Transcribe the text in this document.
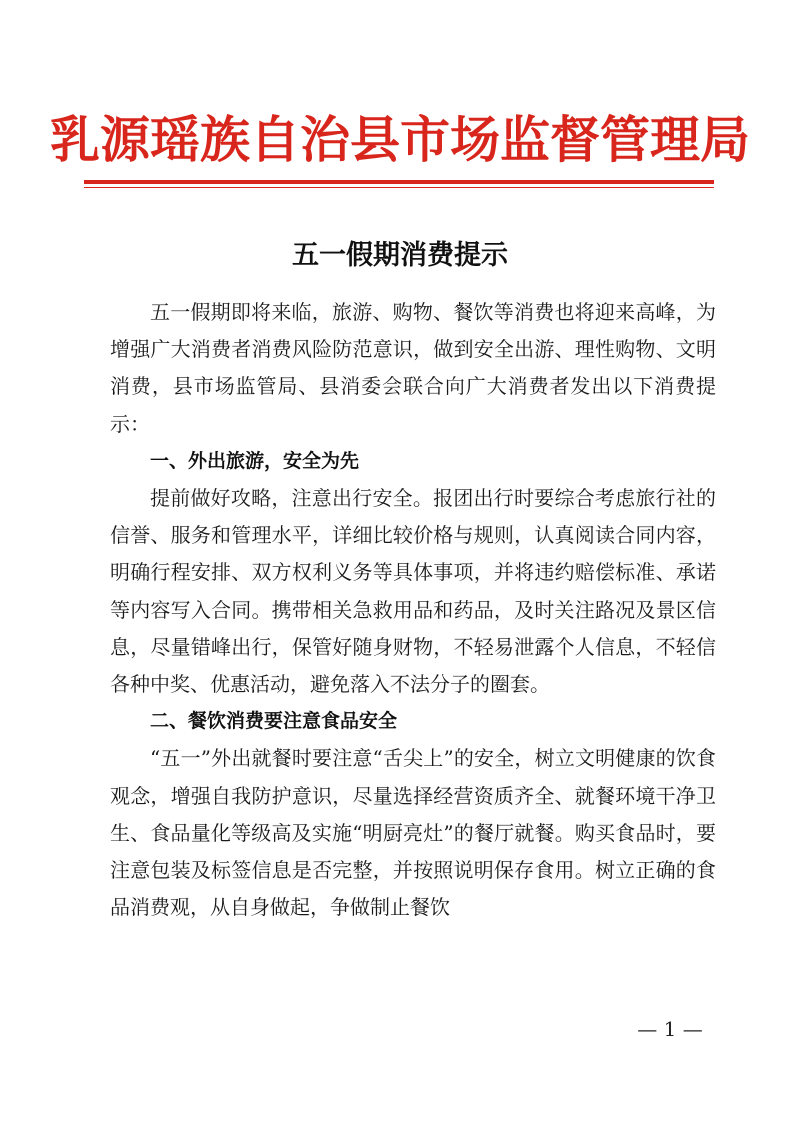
乳源瑶族自治县市场监督管理局
五一假期消费提示

五一假期即将来临，旅游、购物、餐饮等消费也将迎来高峰，为增强广大消费者消费风险防范意识，做到安全出游、理性购物、文明消费，县市场监管局、县消委会联合向广大消费者发出以下消费提示：

一、外出旅游，安全为先

提前做好攻略，注意出行安全。报团出行时要综合考虑旅行社的信誉、服务和管理水平，详细比较价格与规则，认真阅读合同内容，明确行程安排、双方权利义务等具体事项，并将违约赔偿标准、承诺等内容写入合同。携带相关急救用品和药品，及时关注路况及景区信息，尽量错峰出行，保管好随身财物，不轻易泄露个人信息，不轻信各种中奖、优惠活动，避免落入不法分子的圈套。

二、餐饮消费要注意食品安全

“五一”外出就餐时要注意“舌尖上”的安全，树立文明健康的饮食观念，增强自我防护意识，尽量选择经营资质齐全、就餐环境干净卫生、食品量化等级高及实施“明厨亮灶”的餐厅就餐。购买食品时，要注意包装及标签信息是否完整，并按照说明保存食用。树立正确的食品消费观，从自身做起，争做制止餐饮

— 1 —
